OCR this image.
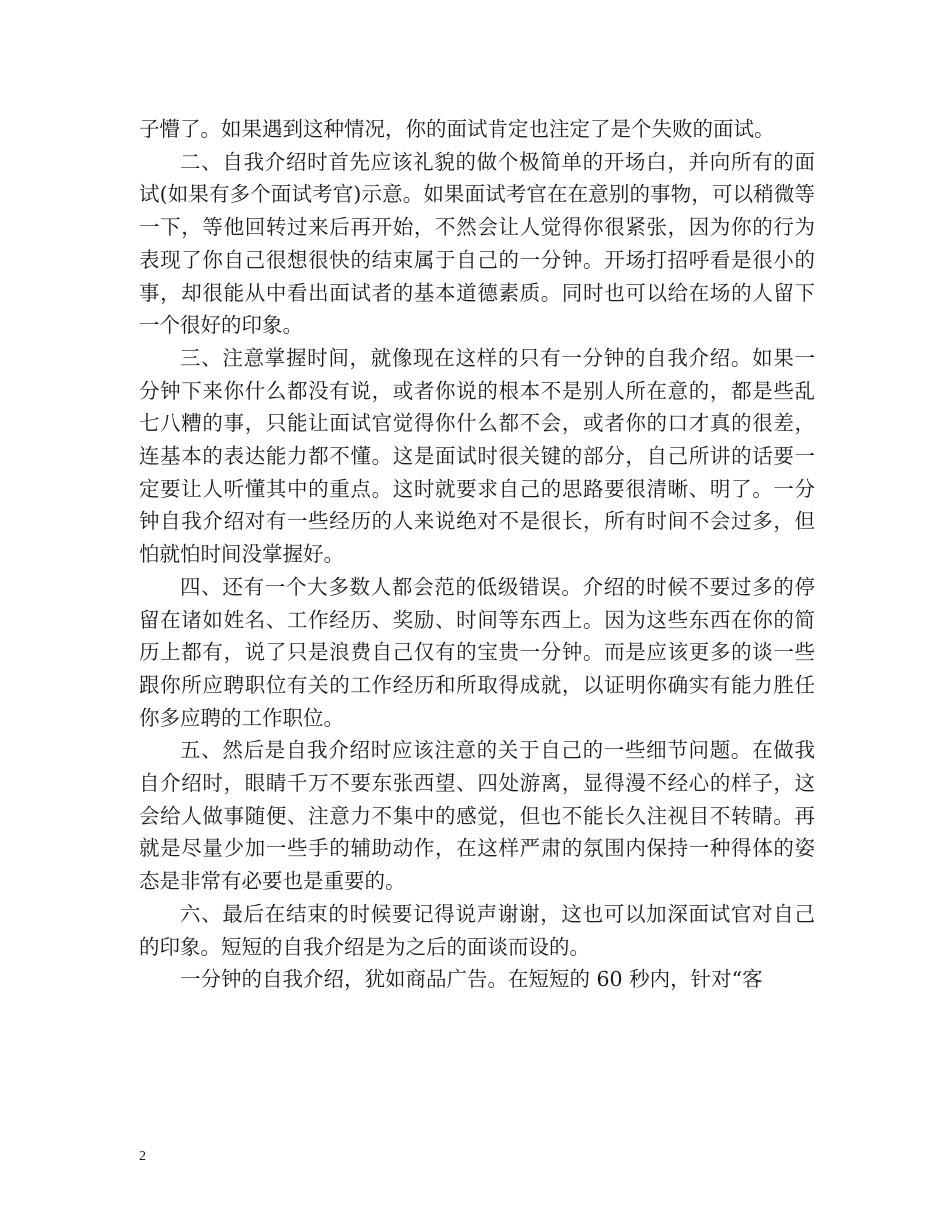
子懵了。如果遇到这种情况，你的面试肯定也注定了是个失败的面试。

二、自我介绍时首先应该礼貌的做个极简单的开场白，并向所有的面试(如果有多个面试考官)示意。如果面试考官在在意别的事物，可以稍微等一下，等他回转过来后再开始，不然会让人觉得你很紧张，因为你的行为表现了你自己很想很快的结束属于自己的一分钟。开场打招呼看是很小的事，却很能从中看出面试者的基本道德素质。同时也可以给在场的人留下一个很好的印象。

三、注意掌握时间，就像现在这样的只有一分钟的自我介绍。如果一分钟下来你什么都没有说，或者你说的根本不是别人所在意的，都是些乱七八糟的事，只能让面试官觉得你什么都不会，或者你的口才真的很差，连基本的表达能力都不懂。这是面试时很关键的部分，自己所讲的话要一定要让人听懂其中的重点。这时就要求自己的思路要很清晰、明了。一分钟自我介绍对有一些经历的人来说绝对不是很长，所有时间不会过多，但怕就怕时间没掌握好。

四、还有一个大多数人都会范的低级错误。介绍的时候不要过多的停留在诸如姓名、工作经历、奖励、时间等东西上。因为这些东西在你的简历上都有，说了只是浪费自己仅有的宝贵一分钟。而是应该更多的谈一些跟你所应聘职位有关的工作经历和所取得成就，以证明你确实有能力胜任你多应聘的工作职位。

五、然后是自我介绍时应该注意的关于自己的一些细节问题。在做我自介绍时，眼睛千万不要东张西望、四处游离，显得漫不经心的样子，这会给人做事随便、注意力不集中的感觉，但也不能长久注视目不转睛。再就是尽量少加一些手的辅助动作，在这样严肃的氛围内保持一种得体的姿态是非常有必要也是重要的。

六、最后在结束的时候要记得说声谢谢，这也可以加深面试官对自己的印象。短短的自我介绍是为之后的面谈而设的。

一分钟的自我介绍，犹如商品广告。在短短的 60 秒内，针对“客

2
